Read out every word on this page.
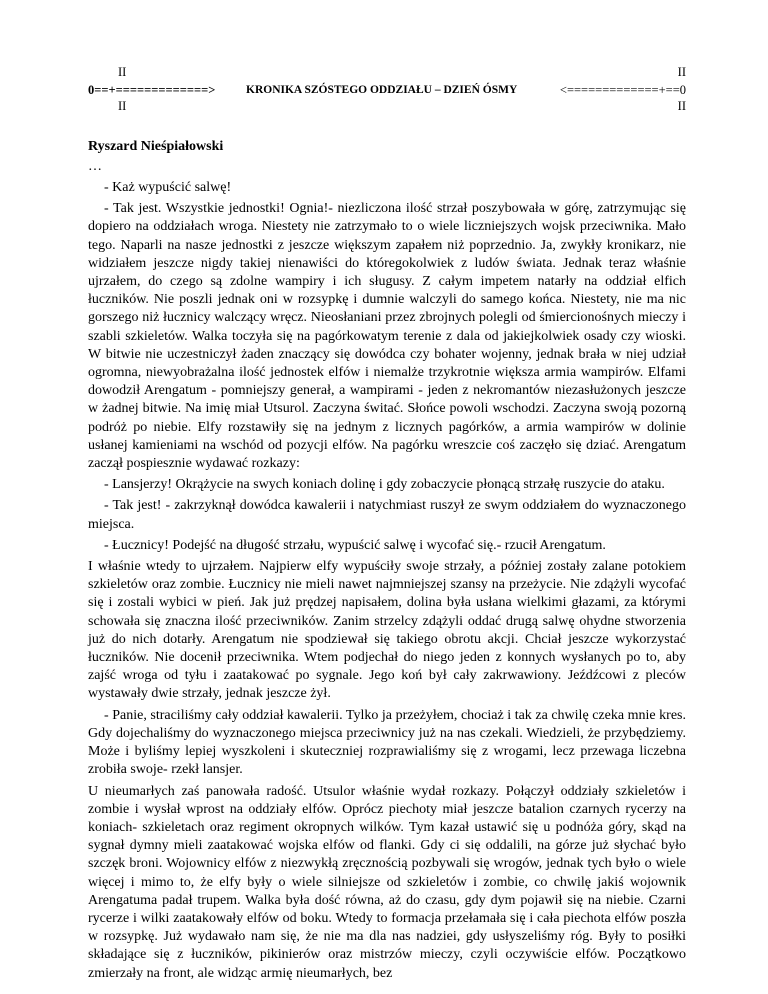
II
0==+=============>
II
KRONIKA SZÓSTEGO ODDZIAŁU – DZIEŃ ÓSMY
II
<=============+==0
II
Ryszard Nieśpiałowski
…

- Każ wypuścić salwę!

- Tak jest. Wszystkie jednostki! Ognia!- niezliczona ilość strzał poszybowała w górę, zatrzymując się dopiero na oddziałach wroga. Niestety nie zatrzymało to o wiele liczniejszych wojsk przeciwnika. Mało tego. Naparli na nasze jednostki z jeszcze większym zapałem niż poprzednio. Ja, zwykły kronikarz, nie widziałem jeszcze nigdy takiej nienawiści do któregokolwiek z ludów świata. Jednak teraz właśnie ujrzałem, do czego są zdolne wampiry i ich sługusy. Z całym impetem natarły na oddział elfich łuczników. Nie poszli jednak oni w rozsypkę i dumnie walczyli do samego końca. Niestety, nie ma nic gorszego niż łucznicy walczący wręcz. Nieosłaniani przez zbrojnych polegli od śmiercionośnych mieczy i szabli szkieletów. Walka toczyła się na pagórkowatym terenie z dala od jakiejkolwiek osady czy wioski. W bitwie nie uczestniczył żaden znaczący się dowódca czy bohater wojenny, jednak brała w niej udział ogromna, niewyobrażalna ilość jednostek elfów i niemalże trzykrotnie większa armia wampirów. Elfami dowodził Arengatum - pomniejszy generał, a wampirami - jeden z nekromantów niezasłużonych jeszcze w żadnej bitwie. Na imię miał Utsurol. Zaczyna świtać. Słońce powoli wschodzi. Zaczyna swoją pozorną podróż po niebie. Elfy rozstawiły się na jednym z licznych pagórków, a armia wampirów w dolinie usłanej kamieniami na wschód od pozycji elfów. Na pagórku wreszcie coś zaczęło się dziać. Arengatum zaczął pospiesznie wydawać rozkazy:

- Lansjerzy! Okrążycie na swych koniach dolinę i gdy zobaczycie płonącą strzałę ruszycie do ataku.

- Tak jest! - zakrzyknął dowódca kawalerii i natychmiast ruszył ze swym oddziałem do wyznaczonego miejsca.

- Łucznicy! Podejść na długość strzału, wypuścić salwę i wycofać się.- rzucił Arengatum.

I właśnie wtedy to ujrzałem. Najpierw elfy wypuściły swoje strzały, a później zostały zalane potokiem szkieletów oraz zombie. Łucznicy nie mieli nawet najmniejszej szansy na przeżycie. Nie zdążyli wycofać się i zostali wybici w pień. Jak już prędzej napisałem, dolina była usłana wielkimi głazami, za którymi schowała się znaczna ilość przeciwników. Zanim strzelcy zdążyli oddać drugą salwę ohydne stworzenia już do nich dotarły. Arengatum nie spodziewał się takiego obrotu akcji. Chciał jeszcze wykorzystać łuczników. Nie docenił przeciwnika. Wtem podjechał do niego jeden z konnych wysłanych po to, aby zajść wroga od tyłu i zaatakować po sygnale. Jego koń był cały zakrwawiony. Jeźdźcowi z pleców wystawały dwie strzały, jednak jeszcze żył.

- Panie, straciliśmy cały oddział kawalerii. Tylko ja przeżyłem, chociaż i tak za chwilę czeka mnie kres. Gdy dojechaliśmy do wyznaczonego miejsca przeciwnicy już na nas czekali. Wiedzieli, że przybędziemy. Może i byliśmy lepiej wyszkoleni i skuteczniej rozprawialiśmy się z wrogami, lecz przewaga liczebna zrobiła swoje- rzekł lansjer.

U nieumarłych zaś panowała radość. Utsulor właśnie wydał rozkazy. Połączył oddziały szkieletów i zombie i wysłał wprost na oddziały elfów. Oprócz piechoty miał jeszcze batalion czarnych rycerzy na koniach- szkieletach oraz regiment okropnych wilków. Tym kazał ustawić się u podnóża góry, skąd na sygnał dymny mieli zaatakować wojska elfów od flanki. Gdy ci się oddalili, na górze już słychać było szczęk broni. Wojownicy elfów z niezwykłą zręcznością pozbywali się wrogów, jednak tych było o wiele więcej i mimo to, że elfy były o wiele silniejsze od szkieletów i zombie, co chwilę jakiś wojownik Arengatuma padał trupem. Walka była dość równa, aż do czasu, gdy dym pojawił się na niebie. Czarni rycerze i wilki zaatakowały elfów od boku. Wtedy to formacja przełamała się i cała piechota elfów poszła w rozsypkę. Już wydawało nam się, że nie ma dla nas nadziei, gdy usłyszeliśmy róg. Były to posiłki składające się z łuczników, pikinierów oraz mistrzów mieczy, czyli oczywiście elfów. Początkowo zmierzały na front, ale widząc armię nieumarłych, bez
